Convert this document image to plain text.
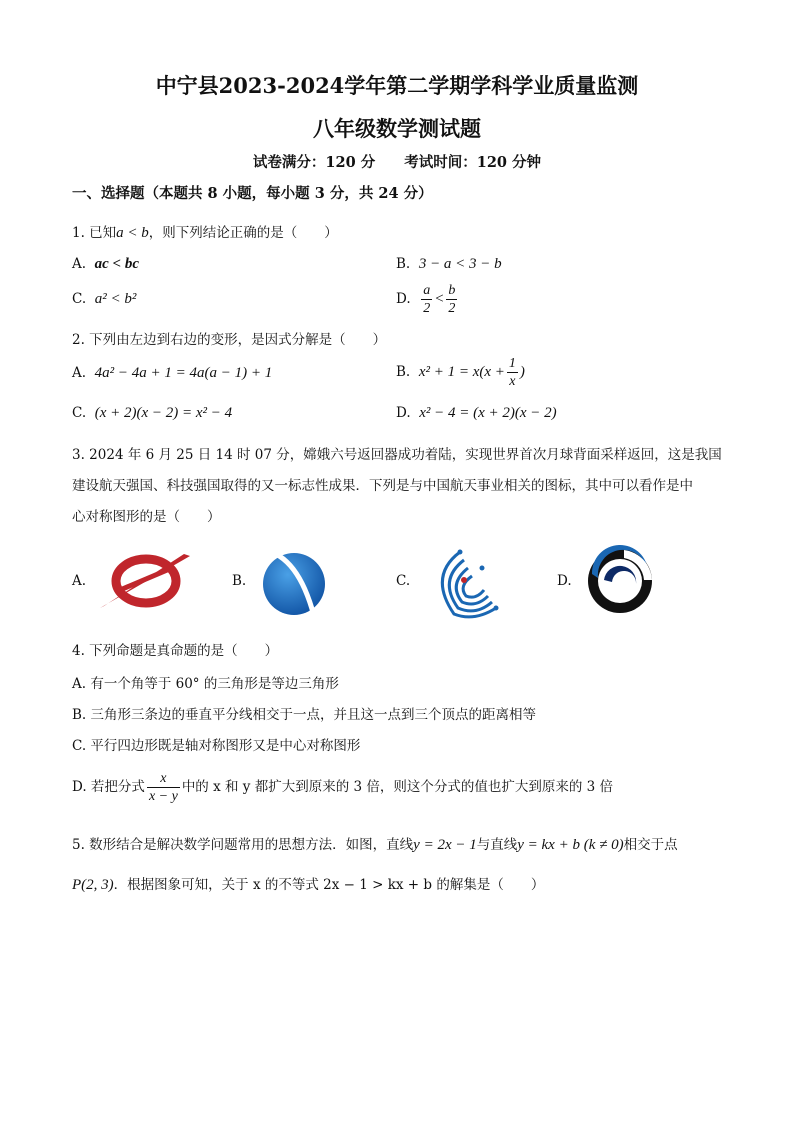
中宁县2023-2024学年第二学期学科学业质量监测
八年级数学测试题
试卷满分：120 分　　考试时间：120 分钟
一、选择题（本题共 8 小题，每小题 3 分，共 24 分）
1. 已知a < b，则下列结论正确的是（　　）
A. ac < bc	B. 3 − a < 3 − b
C. a² < b²	D. $\frac{a}{2} < \frac{b}{2}$
2. 下列由左边到右边的变形，是因式分解是（　　）
A. 4a² − 4a + 1 = 4a(a − 1) + 1	B. $x^2 + 1 = x(x + \frac{1}{x}$ )
C. (x + 2)(x − 2) = x² − 4	D. x² − 4 = (x + 2)(x − 2)
3. 2024 年 6 月 25 日 14 时 07 分，嫦娥六号返回器成功着陆，实现世界首次月球背面采样返回，这是我国
建设航天强国、科技强国取得的又一标志性成果．下列是与中国航天事业相关的图标，其中可以看作是中
心对称图形的是（　　）
A.	B.	C.	D.
4. 下列命题是真命题的是（　　）
A. 有一个角等于 60° 的三角形是等边三角形
B. 三角形三条边的垂直平分线相交于一点，并且这一点到三个顶点的距离相等
C. 平行四边形既是轴对称图形又是中心对称图形
D. 若把分式 $\frac{x}{x - y}$ 中的 x 和 y 都扩大到原来的 3 倍，则这个分式的值也扩大到原来的 3 倍
5. 数形结合是解决数学问题常用的思想方法．如图，直线y = 2x − 1与直线y = kx + b (k ≠ 0)相交于点
P(2, 3)．根据图象可知，关于 x 的不等式 2x − 1 > kx + b 的解集是（　　）
